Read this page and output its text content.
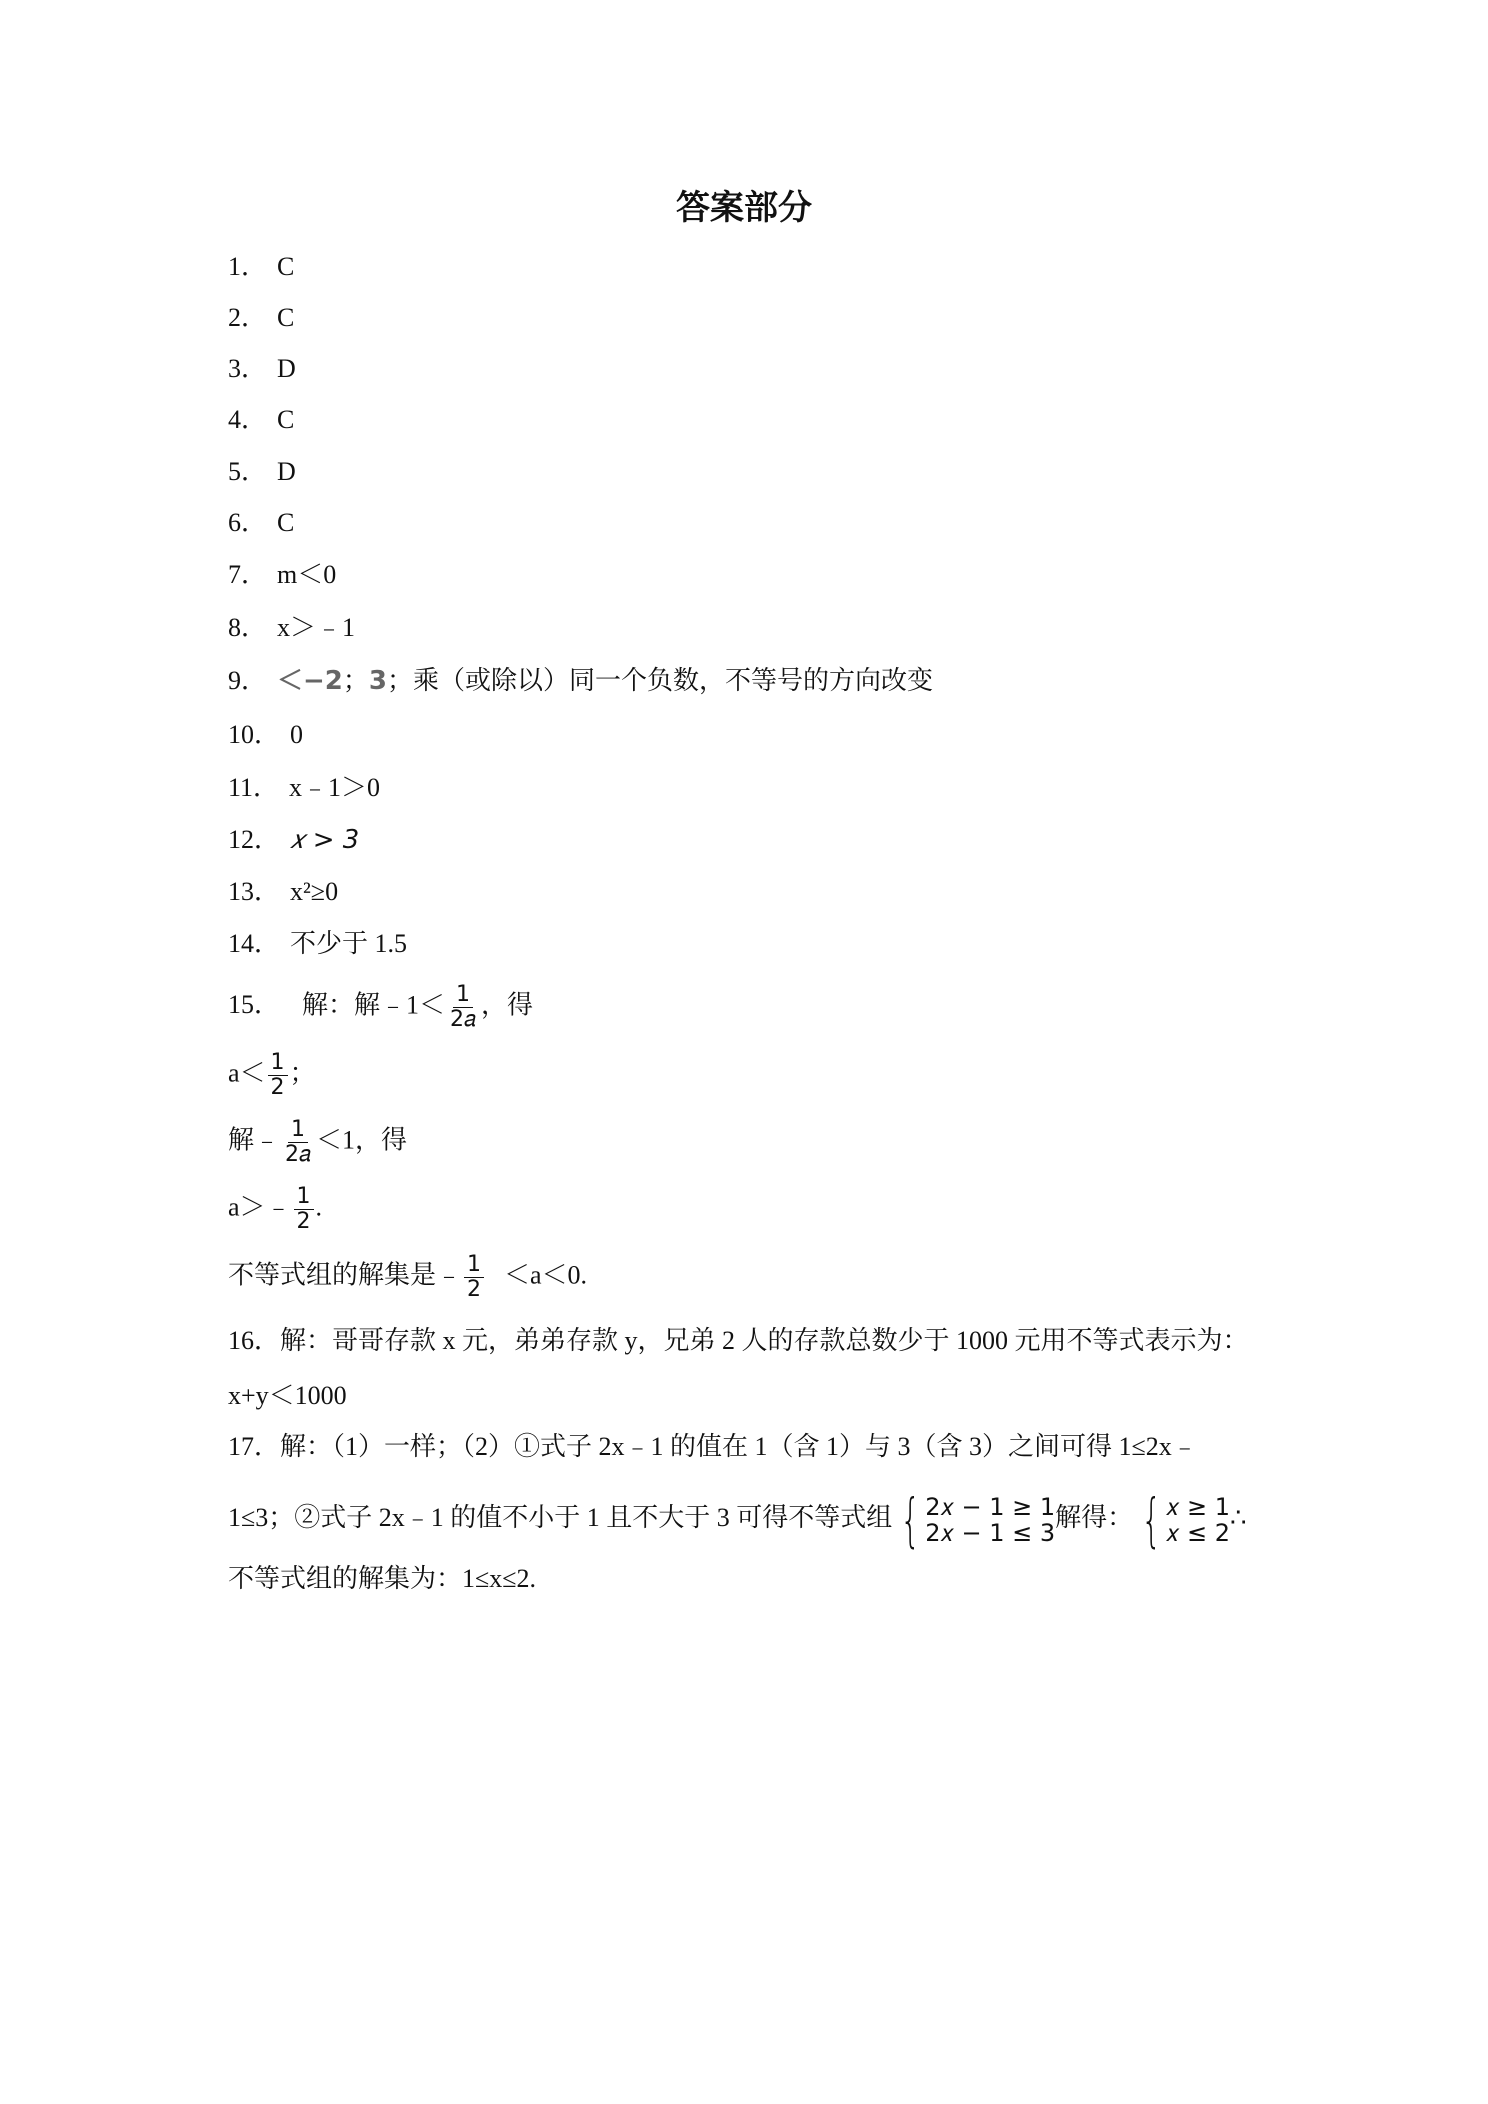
答案部分
1． C
2． C
3． D
4． C
5． D
6． C
7． m＜0
8． x＞﹣1
9． ＜−2；3；乘（或除以）同一个负数，不等号的方向改变
10． 0
11． x﹣1＞0
12． 𝑥 > 3
13． x²≥0
14． 不少于 1.5
15． 解：解﹣1＜ $\frac{1}{\text{2𝑎}}$ ，得
$a< \frac{1}{2}$ ；
解﹣ $\frac{1}{\text{2𝑎}} <1$，得
a＞﹣ $\frac{1}{2}$ .
不等式组的解集是﹣ $\frac{1}{2} <a<0$.
16．解：哥哥存款 x 元，弟弟存款 y，兄弟 2 人的存款总数少于 1000 元用不等式表示为：
x+y＜1000
17．解：（1）一样；（2）①式子 2x﹣1 的值在 1（含 1）与 3（含 3）之间可得 1≤2x﹣
1≤3；②式子 2x﹣1 的值不小于 1 且不大于 3 可得不等式组 { 2𝑥 − 1 ≥ 1
2𝑥 − 1 ≤ 3
解得： { 𝑥 ≥ 1
𝑥 ≤ 2
∴
不等式组的解集为：1≤x≤2.
